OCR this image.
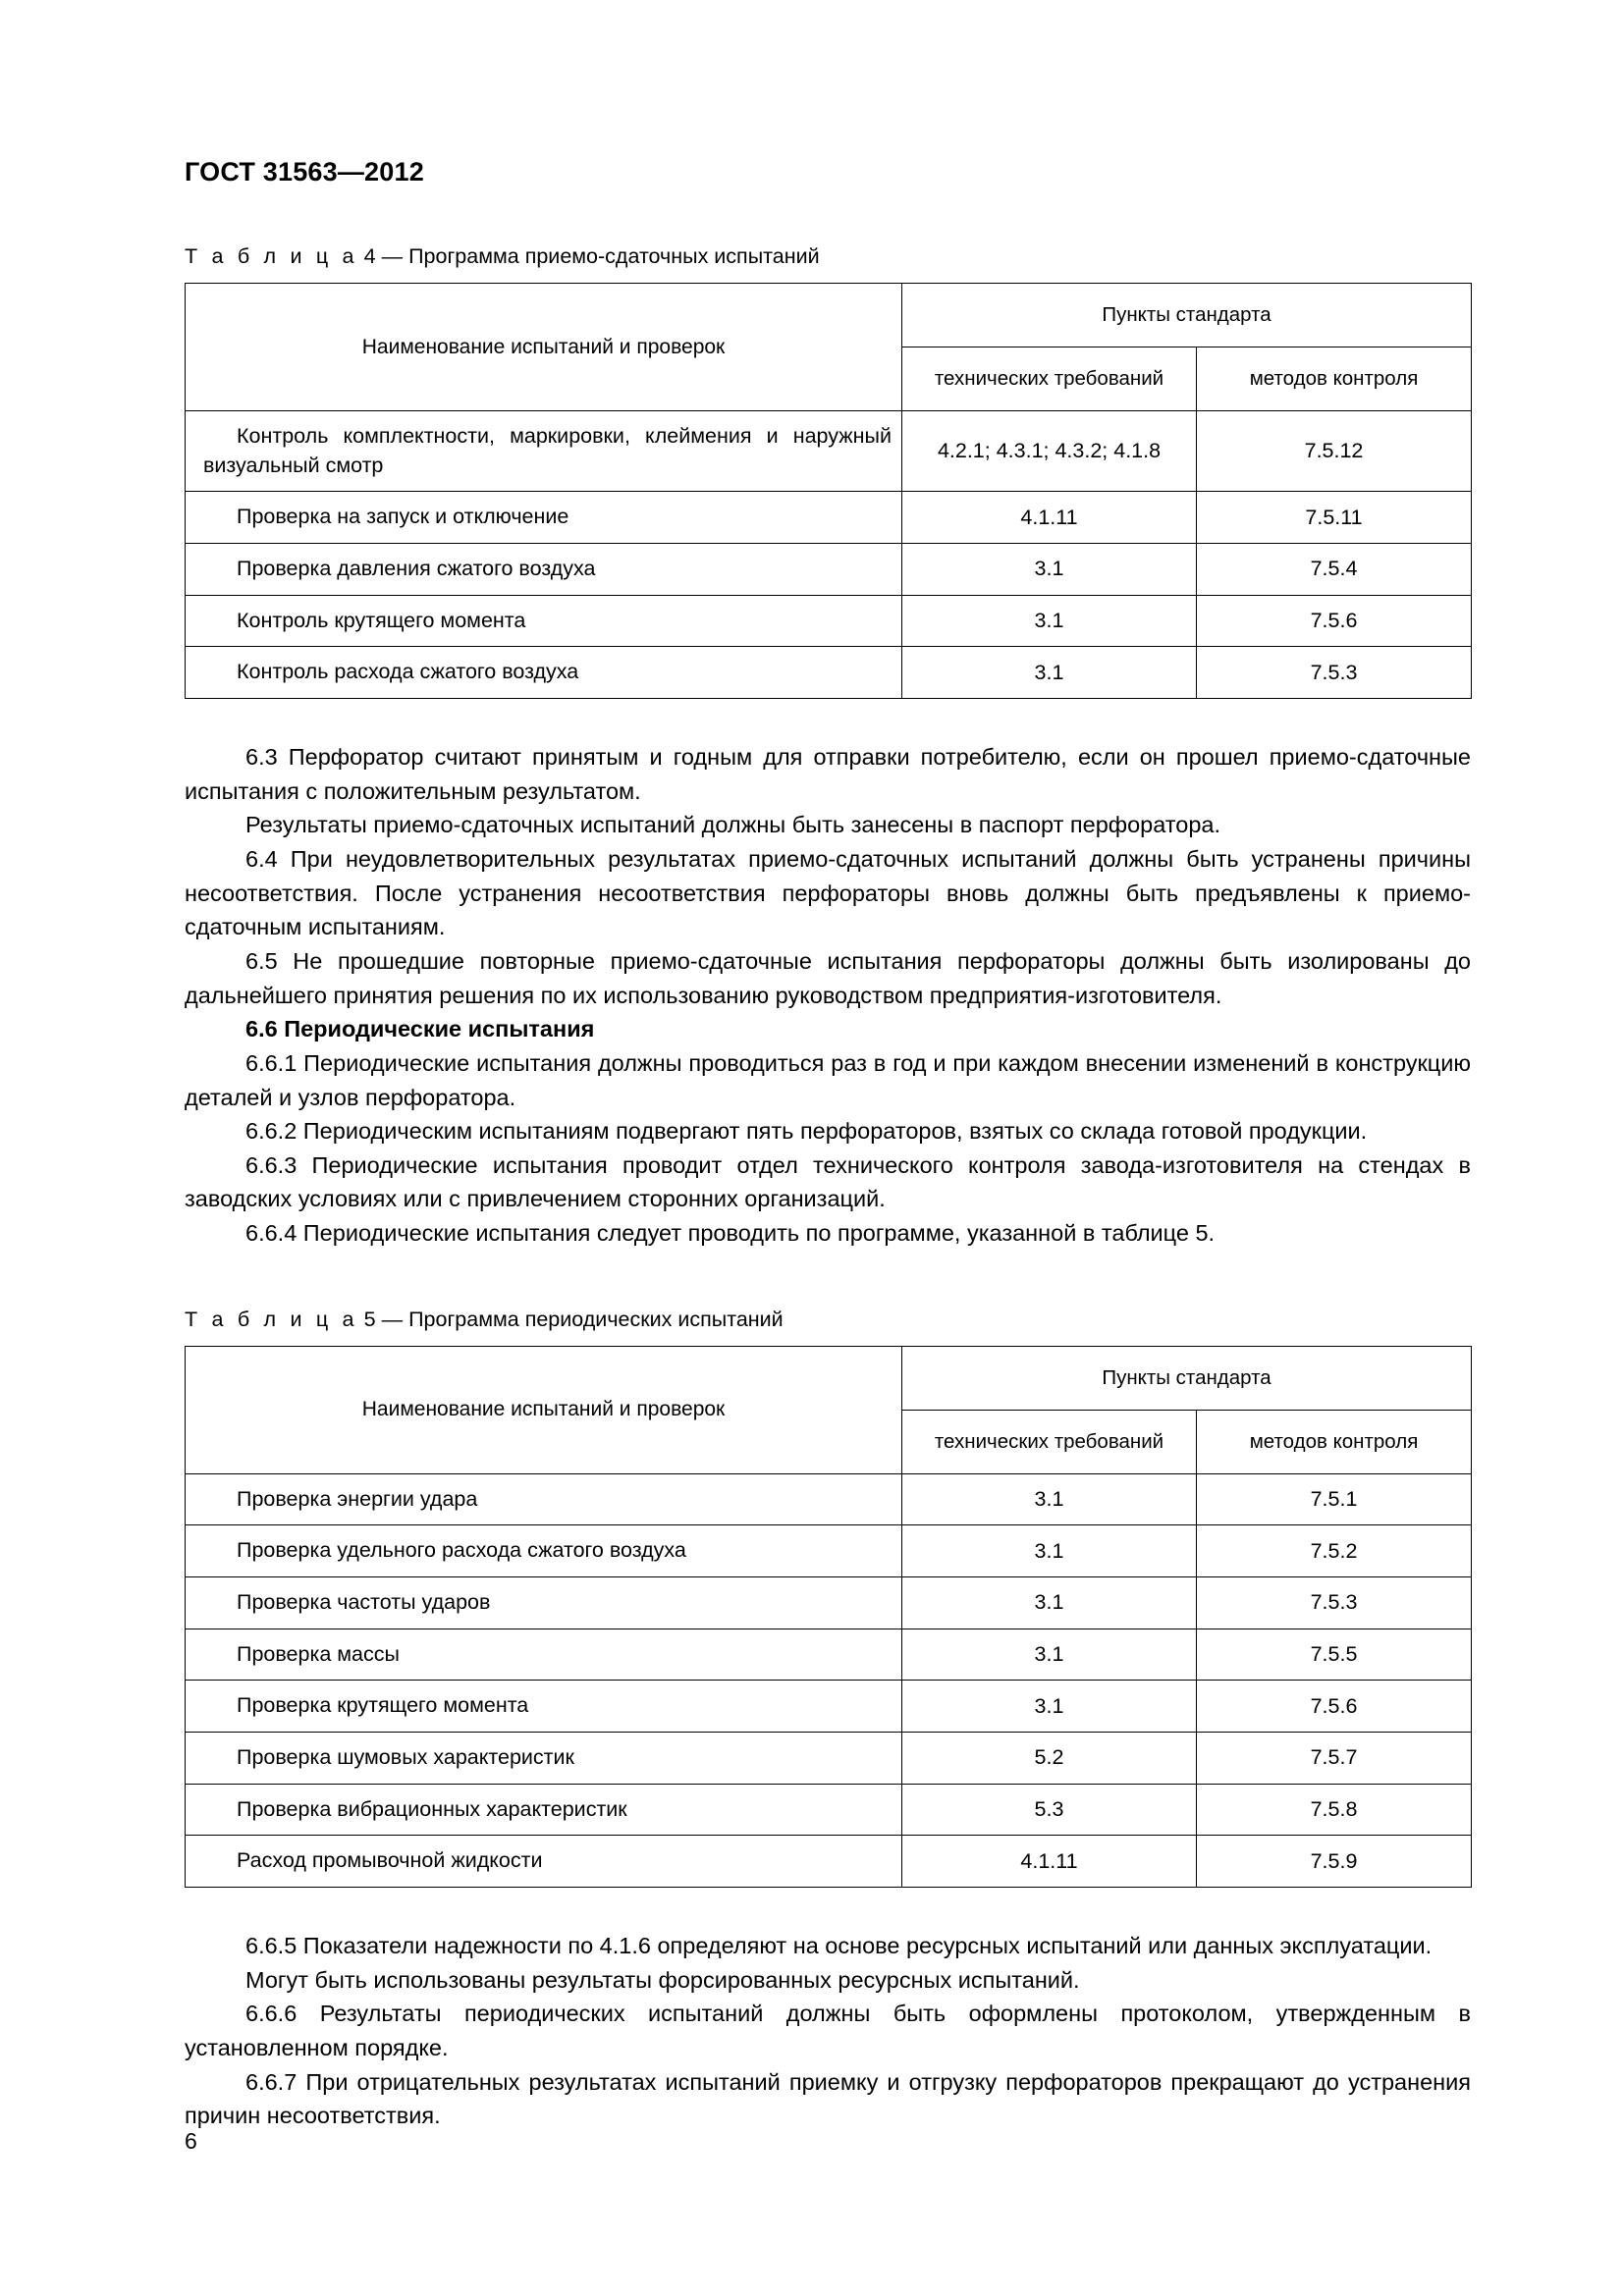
ГОСТ 31563—2012
Т а б л и ц а 4 — Программа приемо-сдаточных испытаний
Наименование испытаний и проверок	Пункты стандарта	
	технических требований	методов контроля
Контроль комплектности, маркировки, клеймения и наружный визуальный смотр	4.2.1; 4.3.1; 4.3.2; 4.1.8	7.5.12
Проверка на запуск и отключение	4.1.11	7.5.11
Проверка давления сжатого воздуха	3.1	7.5.4
Контроль крутящего момента	3.1	7.5.6
Контроль расхода сжатого воздуха	3.1	7.5.3

6.3 Перфоратор считают принятым и годным для отправки потребителю, если он прошел приемо-сдаточные испытания с положительным результатом.

Результаты приемо-сдаточных испытаний должны быть занесены в паспорт перфоратора.

6.4 При неудовлетворительных результатах приемо-сдаточных испытаний должны быть устранены причины несоответствия. После устранения несоответствия перфораторы вновь должны быть предъявлены к приемо-сдаточным испытаниям.

6.5 Не прошедшие повторные приемо-сдаточные испытания перфораторы должны быть изолированы до дальнейшего принятия решения по их использованию руководством предприятия-изготовителя.

6.6 Периодические испытания

6.6.1 Периодические испытания должны проводиться раз в год и при каждом внесении изменений в конструкцию деталей и узлов перфоратора.

6.6.2 Периодическим испытаниям подвергают пять перфораторов, взятых со склада готовой продукции.

6.6.3 Периодические испытания проводит отдел технического контроля завода-изготовителя на стендах в заводских условиях или с привлечением сторонних организаций.

6.6.4 Периодические испытания следует проводить по программе, указанной в таблице 5.

Т а б л и ц а 5 — Программа периодических испытаний
Наименование испытаний и проверок	Пункты стандарта	
	технических требований	методов контроля
Проверка энергии удара	3.1	7.5.1
Проверка удельного расхода сжатого воздуха	3.1	7.5.2
Проверка частоты ударов	3.1	7.5.3
Проверка массы	3.1	7.5.5
Проверка крутящего момента	3.1	7.5.6
Проверка шумовых характеристик	5.2	7.5.7
Проверка вибрационных характеристик	5.3	7.5.8
Расход промывочной жидкости	4.1.11	7.5.9

6.6.5 Показатели надежности по 4.1.6 определяют на основе ресурсных испытаний или данных эксплуатации.

Могут быть использованы результаты форсированных ресурсных испытаний.

6.6.6 Результаты периодических испытаний должны быть оформлены протоколом, утвержденным в установленном порядке.

6.6.7 При отрицательных результатах испытаний приемку и отгрузку перфораторов прекращают до устранения причин несоответствия.

6
